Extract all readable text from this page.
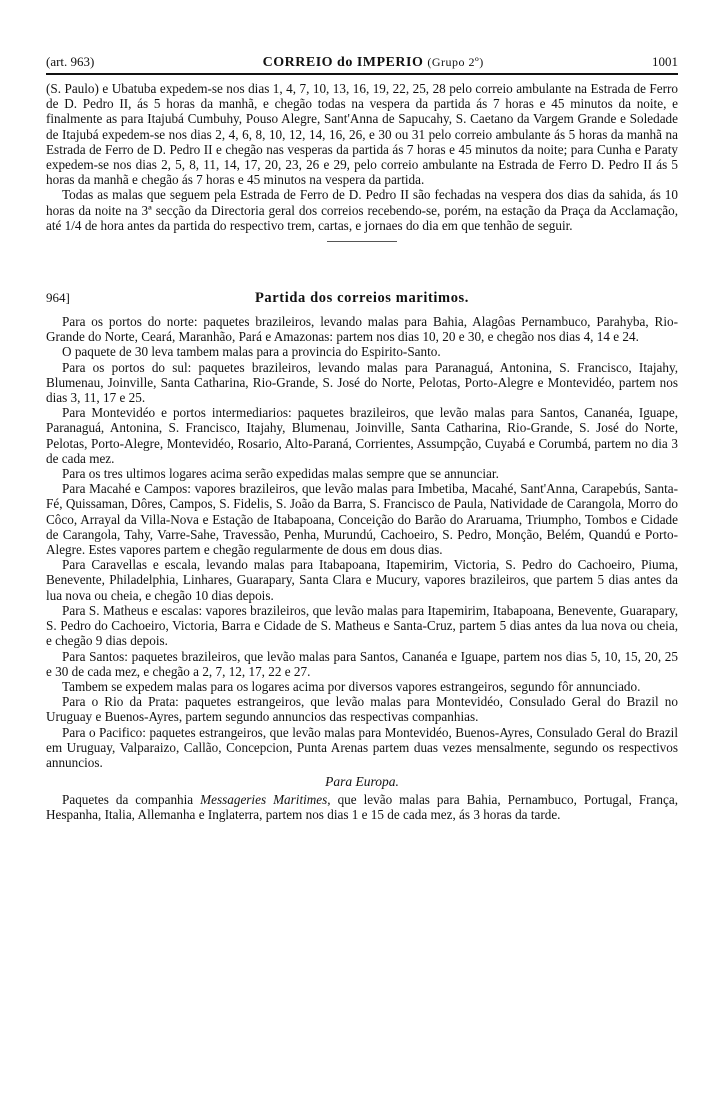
(art. 963)	CORREIO do IMPERIO (Grupo 2º)	1001

(S. Paulo) e Ubatuba expedem-se nos dias 1, 4, 7, 10, 13, 16, 19, 22, 25, 28 pelo correio ambulante na Estrada de Ferro de D. Pedro II, ás 5 horas da manhã, e chegão todas na vespera da partida ás 7 horas e 45 minutos da noite, e finalmente as para Itajubá Cumbuhy, Pouso Alegre, Sant'Anna de Sapucahy, S. Caetano da Vargem Grande e Soledade de Itajubá expedem-se nos dias 2, 4, 6, 8, 10, 12, 14, 16, 26, e 30 ou 31 pelo correio ambulante ás 5 horas da manhã na Estrada de Ferro de D. Pedro II e chegão nas vesperas da partida ás 7 horas e 45 minutos da noite; para Cunha e Paraty expedem-se nos dias 2, 5, 8, 11, 14, 17, 20, 23, 26 e 29, pelo correio ambulante na Estrada de Ferro D. Pedro II ás 5 horas da manhã e chegão ás 7 horas e 45 minutos na vespera da partida.

Todas as malas que seguem pela Estrada de Ferro de D. Pedro II são fechadas na vespera dos dias da sahida, ás 10 horas da noite na 3ª secção da Directoria geral dos correios recebendo-se, porém, na estação da Praça da Acclamação, até 1/4 de hora antes da partida do respectivo trem, cartas, e jornaes do dia em que tenhão de seguir.

964]	Partida dos correios maritimos.

Para os portos do norte: paquetes brazileiros, levando malas para Bahia, Alagôas Pernambuco, Parahyba, Rio-Grande do Norte, Ceará, Maranhão, Pará e Amazonas: partem nos dias 10, 20 e 30, e chegão nos dias 4, 14 e 24.

O paquete de 30 leva tambem malas para a provincia do Espirito-Santo.

Para os portos do sul: paquetes brazileiros, levando malas para Paranaguá, Antonina, S. Francisco, Itajahy, Blumenau, Joinville, Santa Catharina, Rio-Grande, S. José do Norte, Pelotas, Porto-Alegre e Montevidéo, partem nos dias 3, 11, 17 e 25.

Para Montevidéo e portos intermediarios: paquetes brazileiros, que levão malas para Santos, Cananéa, Iguape, Paranaguá, Antonina, S. Francisco, Itajahy, Blumenau, Joinville, Santa Catharina, Rio-Grande, S. José do Norte, Pelotas, Porto-Alegre, Montevidéo, Rosario, Alto-Paraná, Corrientes, Assumpção, Cuyabá e Corumbá, partem no dia 3 de cada mez.

Para os tres ultimos logares acima serão expedidas malas sempre que se annunciar.

Para Macahé e Campos: vapores brazileiros, que levão malas para Imbetiba, Macahé, Sant'Anna, Carapebús, Santa-Fé, Quissaman, Dôres, Campos, S. Fidelis, S. João da Barra, S. Francisco de Paula, Natividade de Carangola, Morro do Côco, Arrayal da Villa-Nova e Estação de Itabapoana, Conceição do Barão do Araruama, Triumpho, Tombos e Cidade de Carangola, Tahy, Varre-Sahe, Travessão, Penha, Murundú, Cachoeiro, S. Pedro, Monção, Belém, Quandú e Porto-Alegre. Estes vapores partem e chegão regularmente de dous em dous dias.

Para Caravellas e escala, levando malas para Itabapoana, Itapemirim, Victoria, S. Pedro do Cachoeiro, Piuma, Benevente, Philadelphia, Linhares, Guarapary, Santa Clara e Mucury, vapores brazileiros, que partem 5 dias antes da lua nova ou cheia, e chegão 10 dias depois.

Para S. Matheus e escalas: vapores brazileiros, que levão malas para Itapemirim, Itabapoana, Benevente, Guarapary, S. Pedro do Cachoeiro, Victoria, Barra e Cidade de S. Matheus e Santa-Cruz, partem 5 dias antes da lua nova ou cheia, e chegão 9 dias depois.

Para Santos: paquetes brazileiros, que levão malas para Santos, Cananéa e Iguape, partem nos dias 5, 10, 15, 20, 25 e 30 de cada mez, e chegão a 2, 7, 12, 17, 22 e 27.

Tambem se expedem malas para os logares acima por diversos vapores estrangeiros, segundo fôr annunciado.

Para o Rio da Prata: paquetes estrangeiros, que levão malas para Montevidéo, Consulado Geral do Brazil no Uruguay e Buenos-Ayres, partem segundo annuncios das respectivas companhias.

Para o Pacifico: paquetes estrangeiros, que levão malas para Montevidéo, Buenos-Ayres, Consulado Geral do Brazil em Uruguay, Valparaizo, Callão, Concepcion, Punta Arenas partem duas vezes mensalmente, segundo os respectivos annuncios.

Para Europa.

Paquetes da companhia Messageries Maritimes, que levão malas para Bahia, Pernambuco, Portugal, França, Hespanha, Italia, Allemanha e Inglaterra, partem nos dias 1 e 15 de cada mez, ás 3 horas da tarde.
